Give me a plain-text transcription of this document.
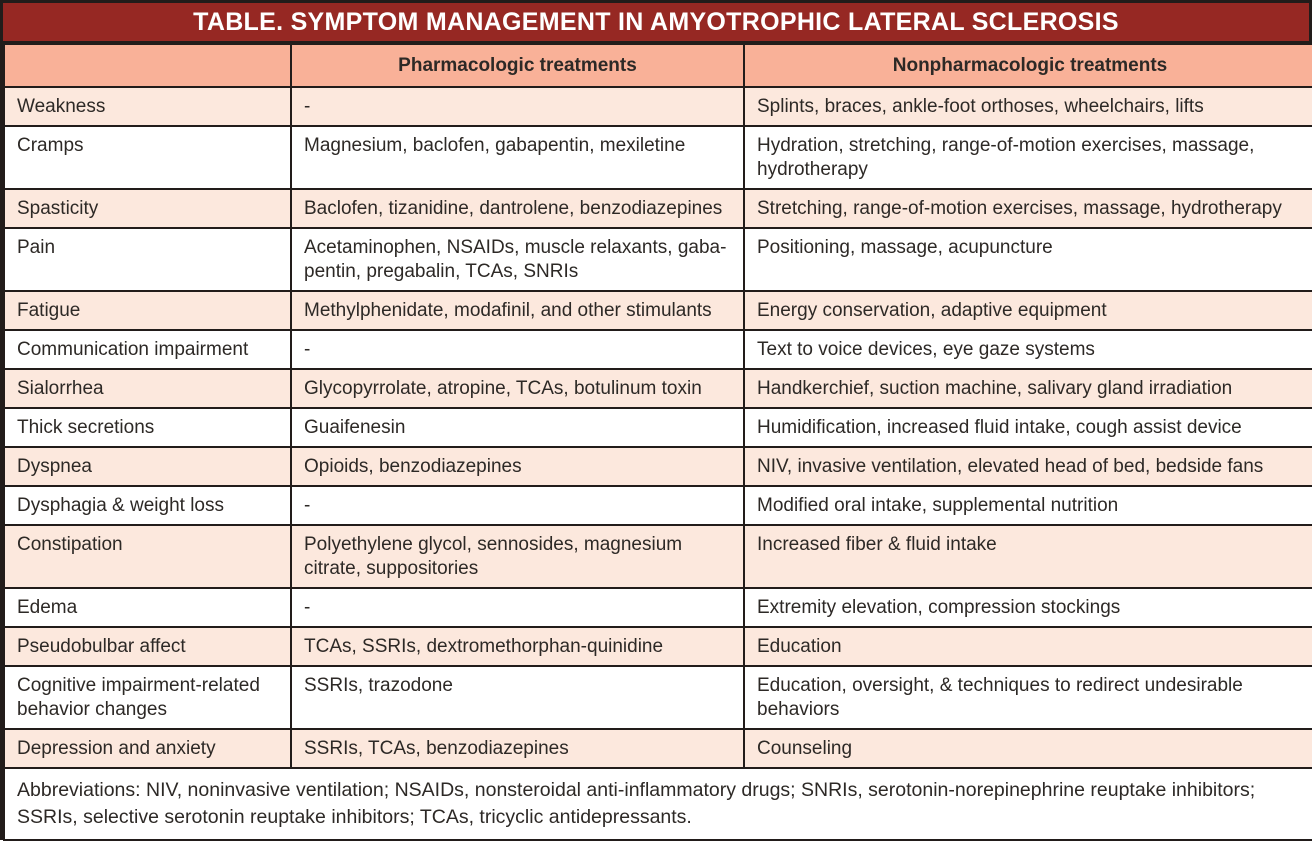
TABLE. SYMPTOM MANAGEMENT IN AMYOTROPHIC LATERAL SCLEROSIS
	Pharmacologic treatments	Nonpharmacologic treatments
Weakness	-	Splints, braces, ankle-foot orthoses, wheelchairs, lifts
Cramps	Magnesium, baclofen, gabapentin, mexiletine	Hydration, stretching, range-of-motion exercises, massage, hydrotherapy
Spasticity	Baclofen, tizanidine, dantrolene, benzodiazepines	Stretching, range-of-motion exercises, massage, hydrotherapy
Pain	Acetaminophen, NSAIDs, muscle relaxants, gabapentin, pregabalin, TCAs, SNRIs	Positioning, massage, acupuncture
Fatigue	Methylphenidate, modafinil, and other stimulants	Energy conservation, adaptive equipment
Communication impairment	-	Text to voice devices, eye gaze systems
Sialorrhea	Glycopyrrolate, atropine, TCAs, botulinum toxin	Handkerchief, suction machine, salivary gland irradiation
Thick secretions	Guaifenesin	Humidification, increased fluid intake, cough assist device
Dyspnea	Opioids, benzodiazepines	NIV, invasive ventilation, elevated head of bed, bedside fans
Dysphagia & weight loss	-	Modified oral intake, supplemental nutrition
Constipation	Polyethylene glycol, sennosides, magnesium citrate, suppositories	Increased fiber & fluid intake
Edema	-	Extremity elevation, compression stockings
Pseudobulbar affect	TCAs, SSRIs, dextromethorphan-quinidine	Education
Cognitive impairment-related behavior changes	SSRIs, trazodone	Education, oversight, & techniques to redirect undesirable behaviors
Depression and anxiety	SSRIs, TCAs, benzodiazepines	Counseling
Abbreviations: NIV, noninvasive ventilation; NSAIDs, nonsteroidal anti-inflammatory drugs; SNRIs, serotonin-norepinephrine reuptake inhibitors; SSRIs, selective serotonin reuptake inhibitors; TCAs, tricyclic antidepressants.		
